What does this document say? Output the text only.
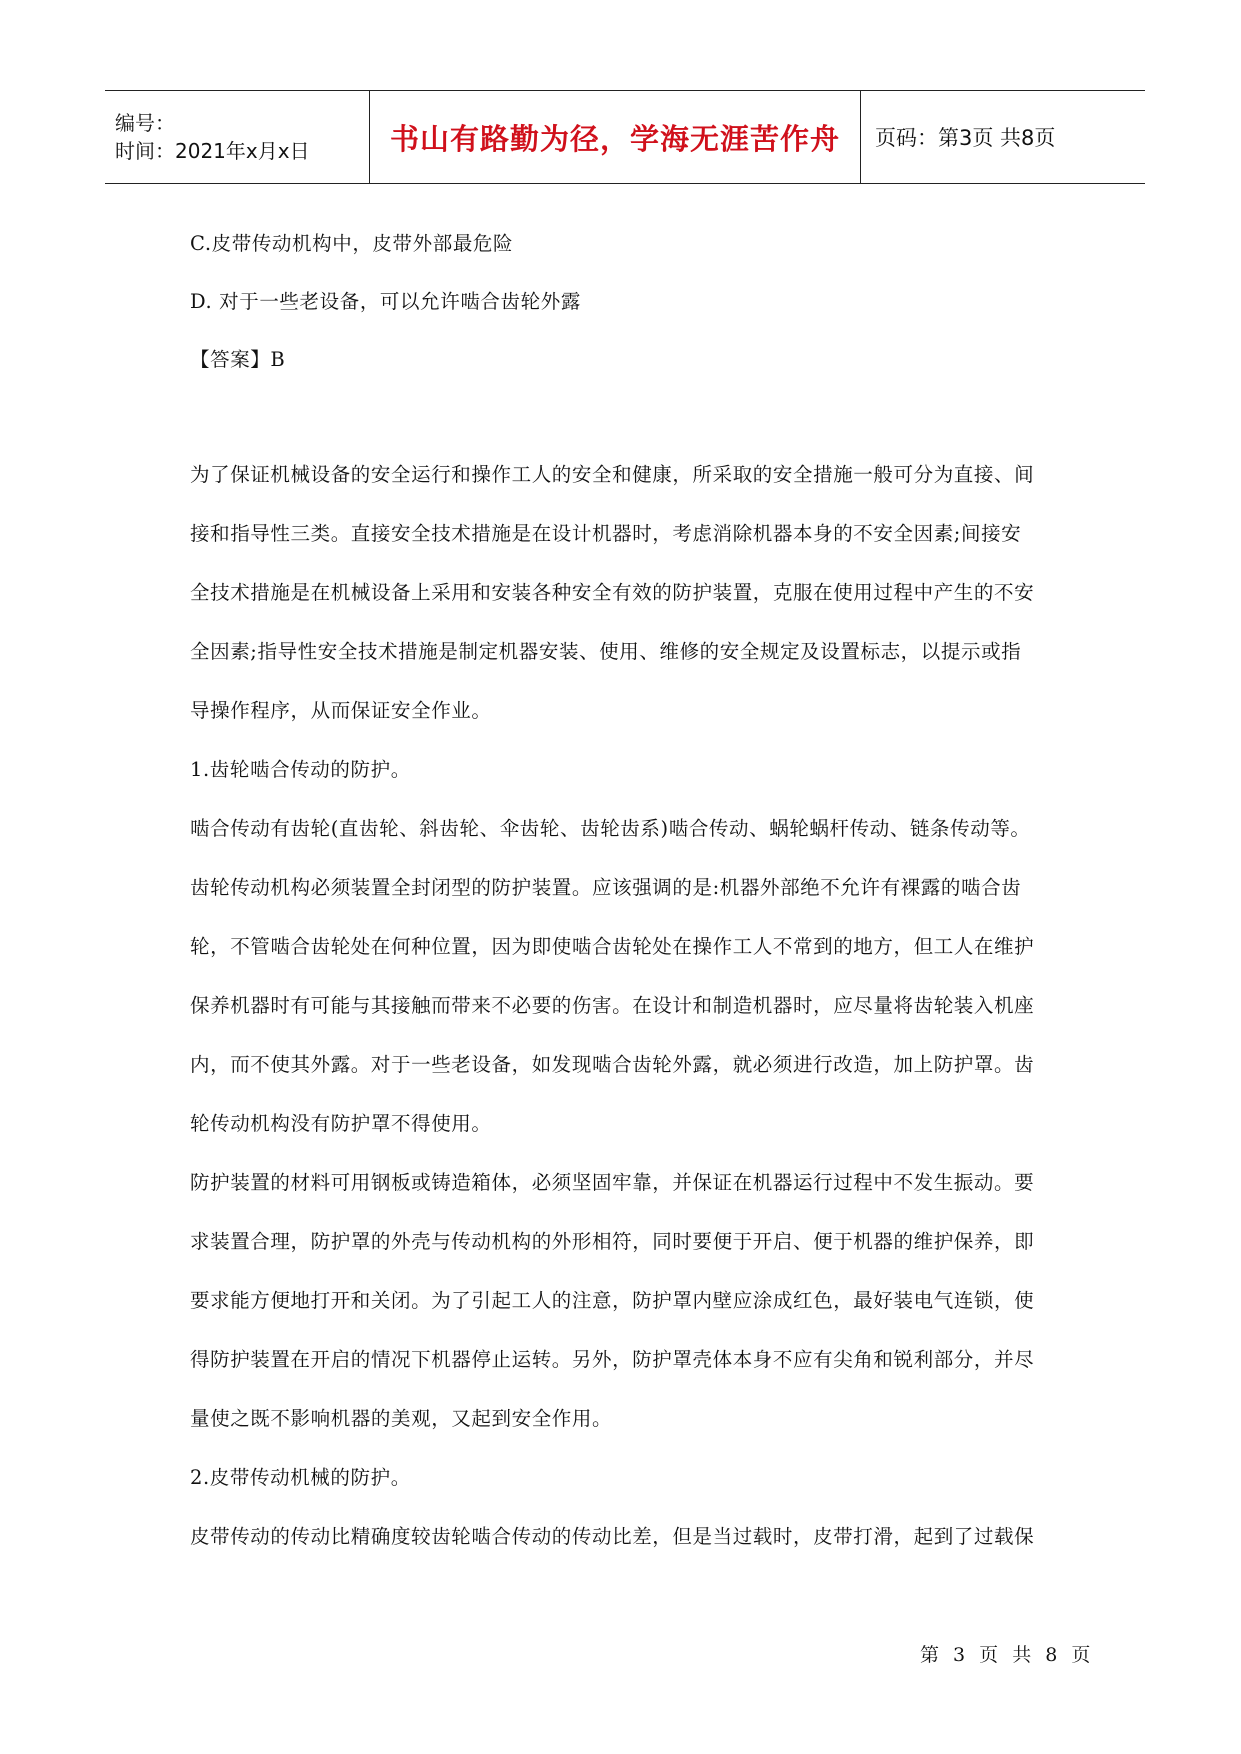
编号：
时间：2021年x月x日	书山有路勤为径，学海无涯苦作舟 页码：第3页 共8页
C.皮带传动机构中，皮带外部最危险
D. 对于一些老设备，可以允许啮合齿轮外露
【答案】B
为了保证机械设备的安全运行和操作工人的安全和健康，所采取的安全措施一般可分为直接、间
接和指导性三类。直接安全技术措施是在设计机器时，考虑消除机器本身的不安全因素;间接安
全技术措施是在机械设备上采用和安装各种安全有效的防护装置，克服在使用过程中产生的不安
全因素;指导性安全技术措施是制定机器安装、使用、维修的安全规定及设置标志，以提示或指
导操作程序，从而保证安全作业。
1.齿轮啮合传动的防护。
啮合传动有齿轮(直齿轮、斜齿轮、伞齿轮、齿轮齿系)啮合传动、蜗轮蜗杆传动、链条传动等。
齿轮传动机构必须装置全封闭型的防护装置。应该强调的是:机器外部绝不允许有裸露的啮合齿
轮，不管啮合齿轮处在何种位置，因为即使啮合齿轮处在操作工人不常到的地方，但工人在维护
保养机器时有可能与其接触而带来不必要的伤害。在设计和制造机器时，应尽量将齿轮装入机座
内，而不使其外露。对于一些老设备，如发现啮合齿轮外露，就必须进行改造，加上防护罩。齿
轮传动机构没有防护罩不得使用。
防护装置的材料可用钢板或铸造箱体，必须坚固牢靠，并保证在机器运行过程中不发生振动。要
求装置合理，防护罩的外壳与传动机构的外形相符，同时要便于开启、便于机器的维护保养，即
要求能方便地打开和关闭。为了引起工人的注意，防护罩内壁应涂成红色，最好装电气连锁，使
得防护装置在开启的情况下机器停止运转。另外，防护罩壳体本身不应有尖角和锐利部分，并尽
量使之既不影响机器的美观，又起到安全作用。
2.皮带传动机械的防护。
皮带传动的传动比精确度较齿轮啮合传动的传动比差，但是当过载时，皮带打滑，起到了过载保
第 3 页 共 8 页
